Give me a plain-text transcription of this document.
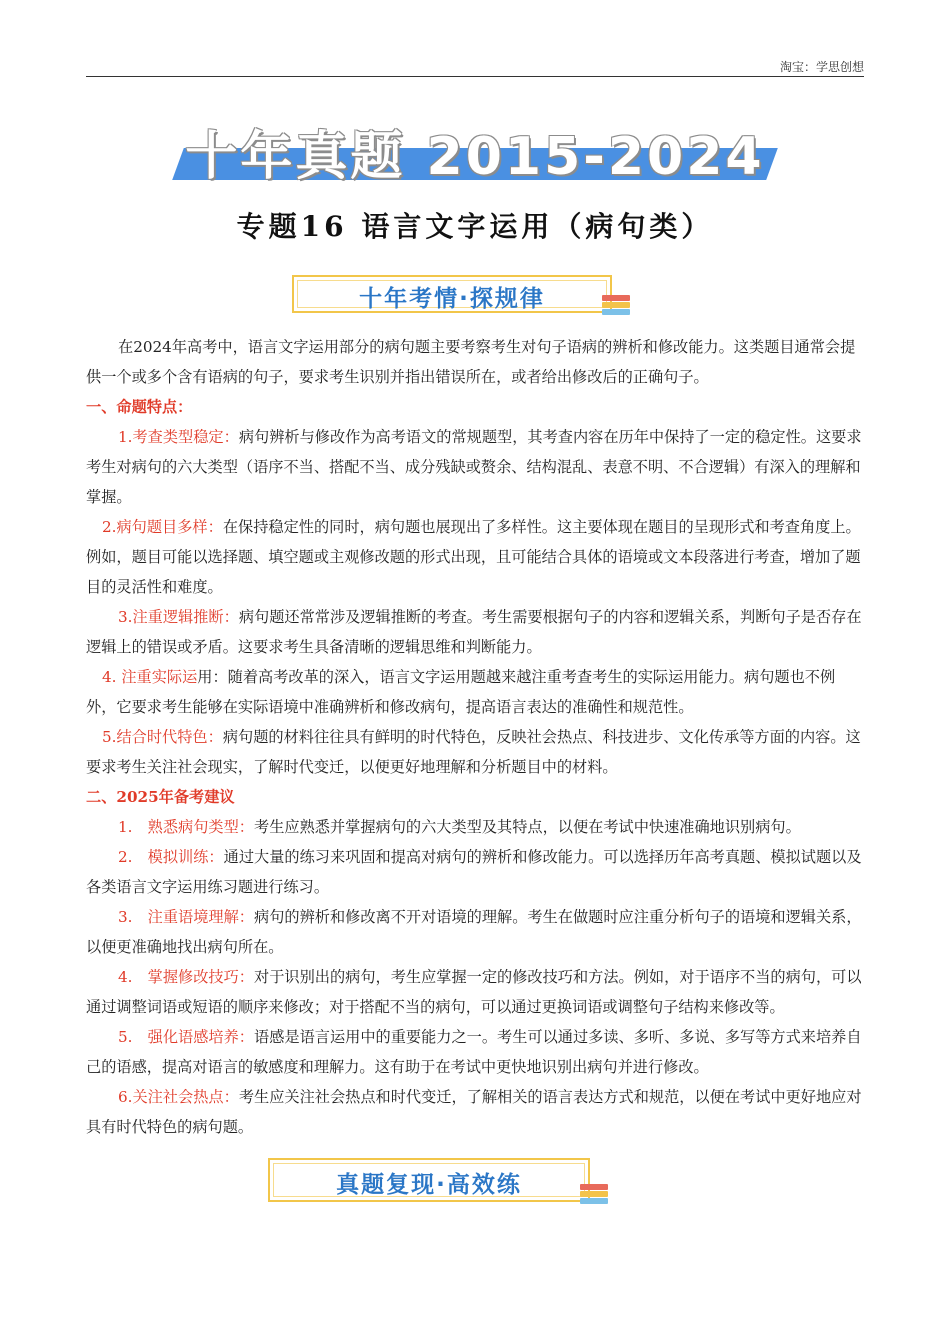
淘宝：学思创想
十年真题 2015-2024
专题16 语言文字运用（病句类）
十年考情·探规律

在2024年高考中，语言文字运用部分的病句题主要考察考生对句子语病的辨析和修改能力。这类题目通常会提供一个或多个含有语病的句子，要求考生识别并指出错误所在，或者给出修改后的正确句子。

一、命题特点：

1.考查类型稳定：病句辨析与修改作为高考语文的常规题型，其考查内容在历年中保持了一定的稳定性。这要求考生对病句的六大类型（语序不当、搭配不当、成分残缺或赘余、结构混乱、表意不明、不合逻辑）有深入的理解和掌握。

2.病句题目多样：在保持稳定性的同时，病句题也展现出了多样性。这主要体现在题目的呈现形式和考查角度上。例如，题目可能以选择题、填空题或主观修改题的形式出现，且可能结合具体的语境或文本段落进行考查，增加了题目的灵活性和难度。

3.注重逻辑推断：病句题还常常涉及逻辑推断的考查。考生需要根据句子的内容和逻辑关系，判断句子是否存在逻辑上的错误或矛盾。这要求考生具备清晰的逻辑思维和判断能力。

4. 注重实际运用：随着高考改革的深入，语言文字运用题越来越注重考查考生的实际运用能力。病句题也不例外，它要求考生能够在实际语境中准确辨析和修改病句，提高语言表达的准确性和规范性。

5.结合时代特色：病句题的材料往往具有鲜明的时代特色，反映社会热点、科技进步、文化传承等方面的内容。这要求考生关注社会现实，了解时代变迁，以便更好地理解和分析题目中的材料。

二、2025年备考建议

1.　熟悉病句类型：考生应熟悉并掌握病句的六大类型及其特点，以便在考试中快速准确地识别病句。

2.　模拟训练：通过大量的练习来巩固和提高对病句的辨析和修改能力。可以选择历年高考真题、模拟试题以及各类语言文字运用练习题进行练习。

3.　注重语境理解：病句的辨析和修改离不开对语境的理解。考生在做题时应注重分析句子的语境和逻辑关系，以便更准确地找出病句所在。

4.　掌握修改技巧：对于识别出的病句，考生应掌握一定的修改技巧和方法。例如，对于语序不当的病句，可以通过调整词语或短语的顺序来修改；对于搭配不当的病句，可以通过更换词语或调整句子结构来修改等。

5.　强化语感培养：语感是语言运用中的重要能力之一。考生可以通过多读、多听、多说、多写等方式来培养自己的语感，提高对语言的敏感度和理解力。这有助于在考试中更快地识别出病句并进行修改。

6.关注社会热点：考生应关注社会热点和时代变迁，了解相关的语言表达方式和规范，以便在考试中更好地应对具有时代特色的病句题。

真题复现·高效练
